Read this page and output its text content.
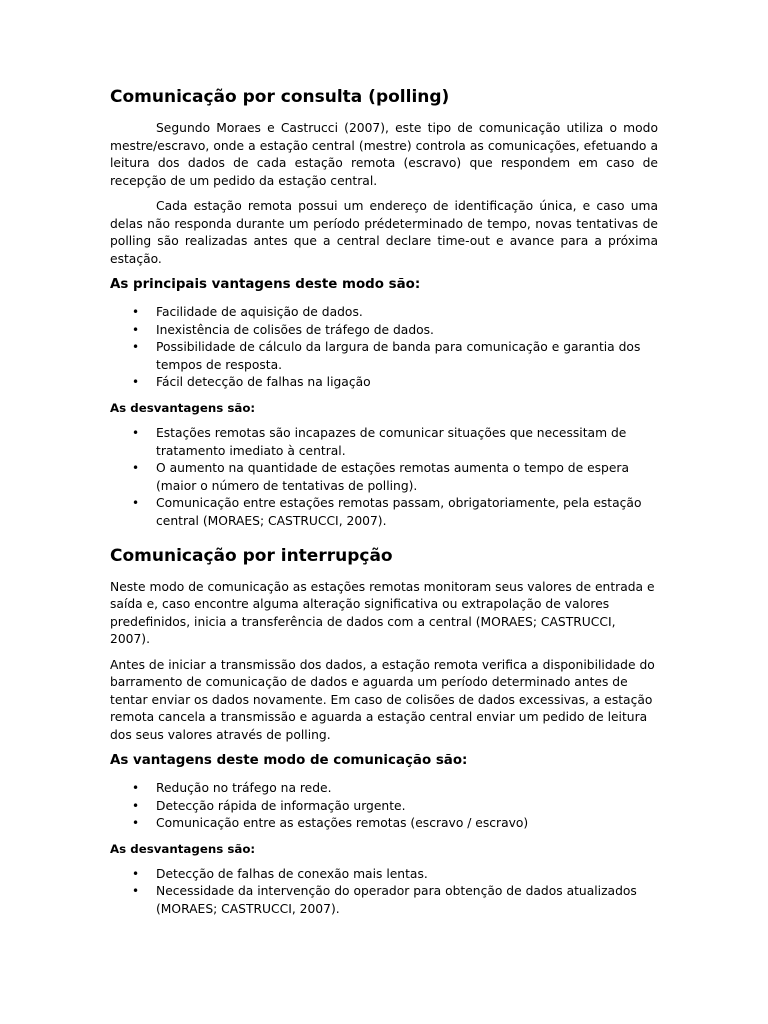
Comunicação por consulta (polling)

Segundo Moraes e Castrucci (2007), este tipo de comunicação utiliza o modo mestre/escravo, onde a estação central (mestre) controla as comunicações, efetuando a leitura dos dados de cada estação remota (escravo) que respondem em caso de recepção de um pedido da estação central.

Cada estação remota possui um endereço de identificação única, e caso uma delas não responda durante um período prédeterminado de tempo, novas tentativas de polling são realizadas antes que a central declare time-out e avance para a próxima estação.

As principais vantagens deste modo são:
• Facilidade de aquisição de dados.
• Inexistência de colisões de tráfego de dados.
• Possibilidade de cálculo da largura de banda para comunicação e garantia dos tempos de resposta.
• Fácil detecção de falhas na ligação
As desvantagens são:
• Estações remotas são incapazes de comunicar situações que necessitam de tratamento imediato à central.
• O aumento na quantidade de estações remotas aumenta o tempo de espera (maior o número de tentativas de polling).
• Comunicação entre estações remotas passam, obrigatoriamente, pela estação central (MORAES; CASTRUCCI, 2007).
Comunicação por interrupção

Neste modo de comunicação as estações remotas monitoram seus valores de entrada e saída e, caso encontre alguma alteração significativa ou extrapolação de valores predefinidos, inicia a transferência de dados com a central (MORAES; CASTRUCCI, 2007).

Antes de iniciar a transmissão dos dados, a estação remota verifica a disponibilidade do barramento de comunicação de dados e aguarda um período determinado antes de tentar enviar os dados novamente. Em caso de colisões de dados excessivas, a estação remota cancela a transmissão e aguarda a estação central enviar um pedido de leitura dos seus valores através de polling.

As vantagens deste modo de comunicação são:
• Redução no tráfego na rede.
• Detecção rápida de informação urgente.
• Comunicação entre as estações remotas (escravo / escravo)
As desvantagens são:
• Detecção de falhas de conexão mais lentas.
• Necessidade da intervenção do operador para obtenção de dados atualizados (MORAES; CASTRUCCI, 2007).
